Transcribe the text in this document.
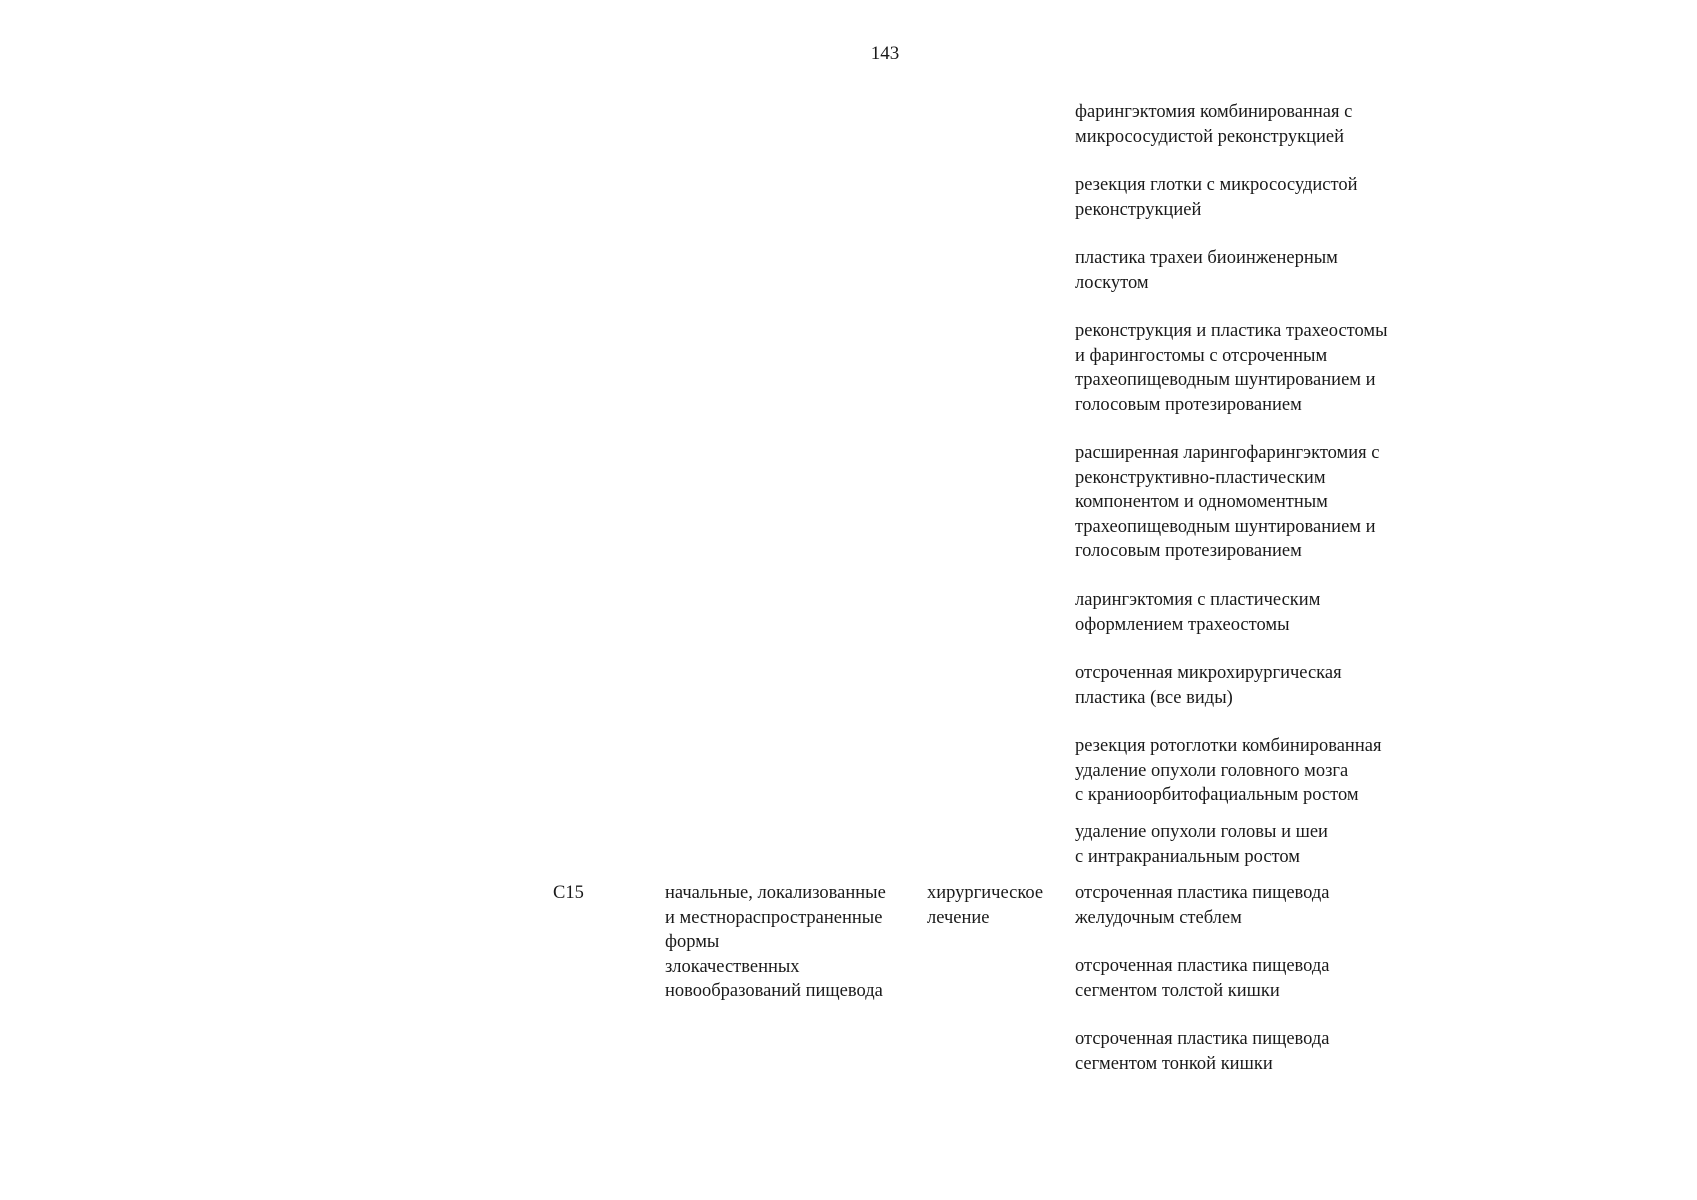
143
фарингэктомия комбинированная с
микрососудистой реконструкцией
резекция глотки с микрососудистой
реконструкцией
пластика трахеи биоинженерным
лоскутом
реконструкция и пластика трахеостомы
и фарингостомы с отсроченным
трахеопищеводным шунтированием и
голосовым протезированием
расширенная ларингофарингэктомия с
реконструктивно-пластическим
компонентом и одномоментным
трахеопищеводным шунтированием и
голосовым протезированием
ларингэктомия с пластическим
оформлением трахеостомы
отсроченная микрохирургическая
пластика (все виды)
резекция ротоглотки комбинированная
удаление опухоли головного мозга
с краниоорбитофациальным ростом
удаление опухоли головы и шеи
с интракраниальным ростом
C15	начальные, локализованные
и местнораспространенные
формы
злокачественных
новообразований пищевода
хирургическое
лечение
отсроченная пластика пищевода
желудочным стеблем
отсроченная пластика пищевода
сегментом толстой кишки
отсроченная пластика пищевода
сегментом тонкой кишки
